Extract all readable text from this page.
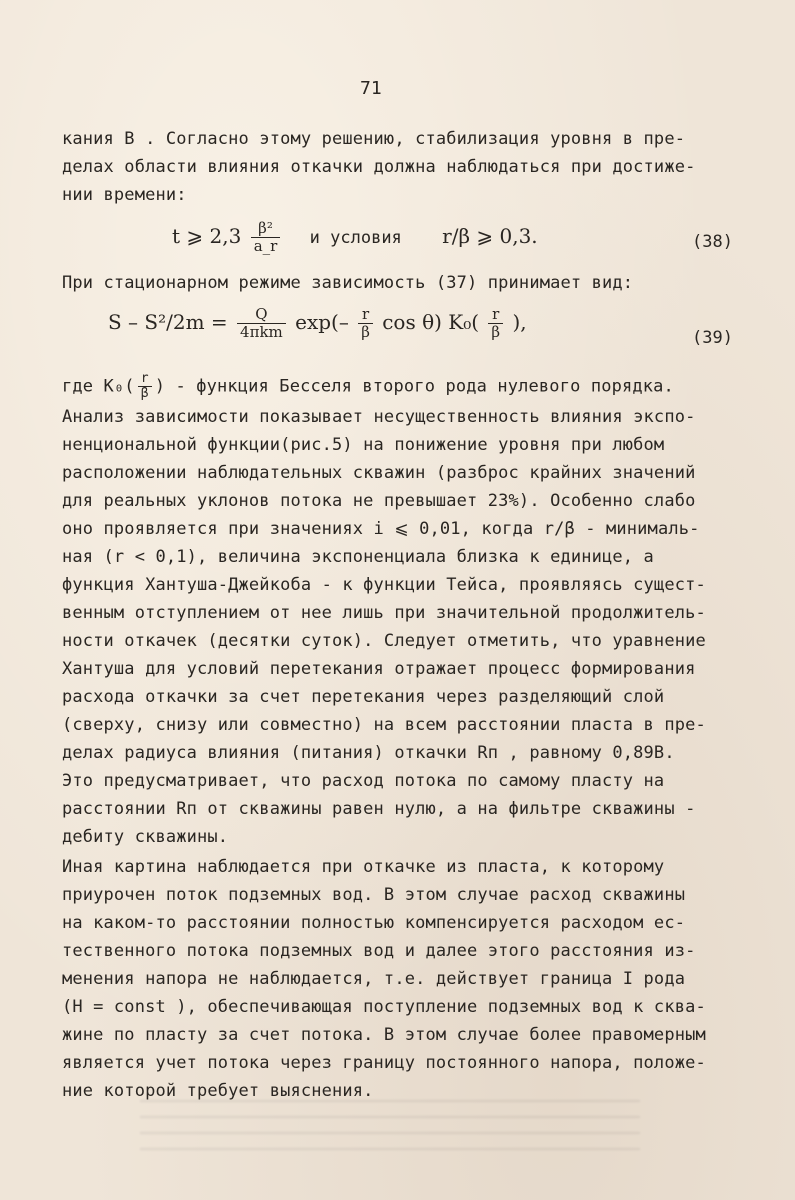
71
кания B . Согласно этому решению, стабилизация уровня в пре-
делах области влияния откачки должна наблюдаться при достиже-
нии времени:
t ⩾ $2,3 \frac{\text{β²}}{a\_r}$ и условия r/β ⩾ 0,3.	(38)
При стационарном режиме зависимость (37) принимает вид:
$S - S^2/2m = \frac{Q}{\text{4πkm}} \exp(- \frac{r}{\beta}$ cos θ) $K_0( \frac{r}{\beta}$ ),
(39)
где $K_0( \frac{r}{\beta}$ ) - функция Бесселя второго рода нулевого порядка.
Анализ зависимости показывает несущественность влияния экспо-
ненциональной функции(рис.5) на понижение уровня при любом
расположении наблюдательных скважин (разброс крайних значений
для реальных уклонов потока не превышает 23%). Особенно слабо
оно проявляется при значениях i ⩽ 0,01, когда r/β - минималь-
ная (r < 0,1), величина экспоненциала близка к единице, а
функция Хантуша-Джейкоба - к функции Тейса, проявляясь сущест-
венным отступлением от нее лишь при значительной продолжитель-
ности откачек (десятки суток). Следует отметить, что уравнение
Хантуша для условий перетекания отражает процесс формирования
расхода откачки за счет перетекания через разделяющий слой
(сверху, снизу или совместно) на всем расстоянии пласта в пре-
делах радиуса влияния (питания) откачки Rп , равному 0,89B.
Это предусматривает, что расход потока по самому пласту на
расстоянии Rп от скважины равен нулю, а на фильтре скважины -
дебиту скважины.
Иная картина наблюдается при откачке из пласта, к которому
приурочен поток подземных вод. В этом случае расход скважины
на каком-то расстоянии полностью компенсируется расходом ес-
тественного потока подземных вод и далее этого расстояния из-
менения напора не наблюдается, т.е. действует граница I рода
(H = const ), обеспечивающая поступление подземных вод к сква-
жине по пласту за счет потока. В этом случае более правомерным
является учет потока через границу постоянного напора, положе-
ние которой требует выяснения.
